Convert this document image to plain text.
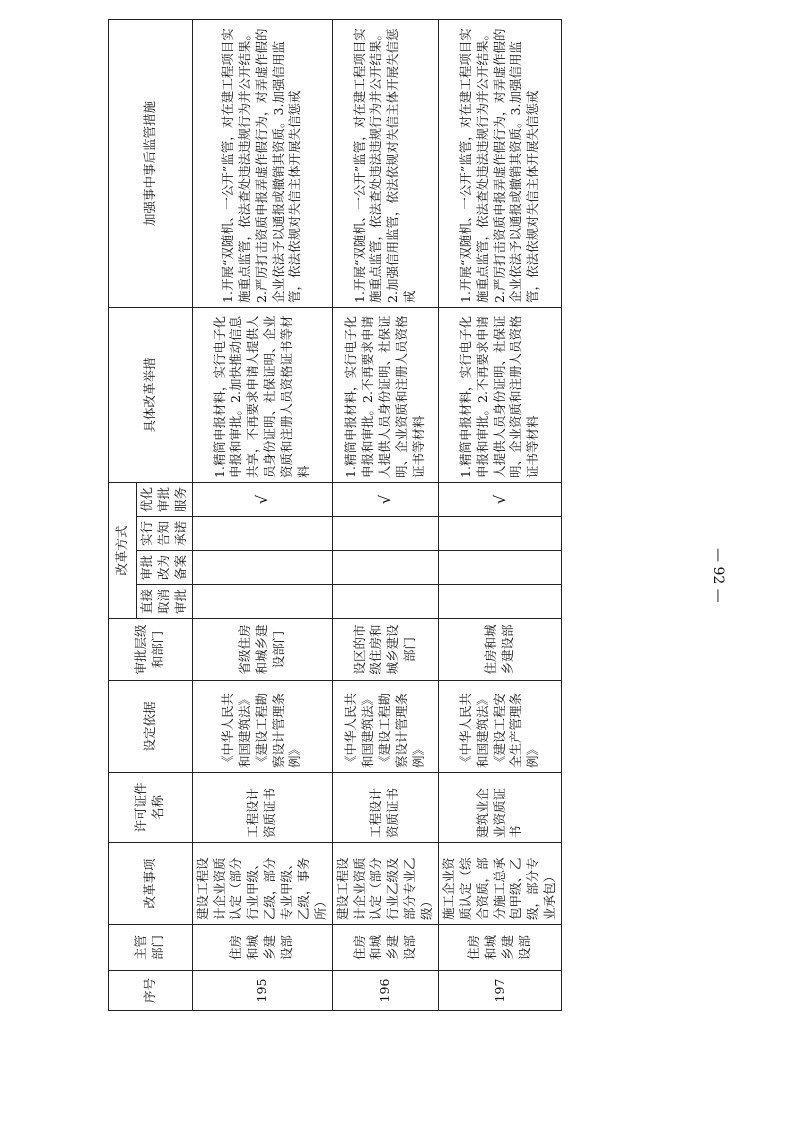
— 92 —
序号	主管部门	改革事项	许可证件名称	设定依据	审批层级和部门	改革方式				具体改革举措	加强事中事后监管措施
						直接取消审批	审批改为备案	实行告知承诺	优化审批服务		
195	住房和城乡建设部	建设工程设计企业资质认定（部分行业甲级、乙级，部分专业甲级、乙级，事务所）	工程设计资质证书	《中华人民共和国建筑法》《建设工程勘察设计管理条例》	省级住房和城乡建设部门				√	1.精简申报材料，实行电子化申报和审批。2.加快推动信息共享，不再要求申请人提供人员身份证明、社保证明、企业资质和注册人员资格证书等材料	1.开展“双随机、一公开”监管，对在建工程项目实施重点监管，依法查处违法违规行为并公开结果。2.严厉打击资质申报弄虚作假行为，对弄虚作假的企业依法予以通报或撤销其资质。3.加强信用监管，依法依规对失信主体开展失信惩戒
196	住房和城乡建设部	建设工程设计企业资质认定（部分行业乙级及部分专业乙级）	工程设计资质证书	《中华人民共和国建筑法》《建设工程勘察设计管理条例》	设区的市级住房和城乡建设部门				√	1.精简申报材料，实行电子化申报和审批。2.不再要求申请人提供人员身份证明、社保证明、企业资质和注册人员资格证书等材料	1.开展“双随机、一公开”监管，对在建工程项目实施重点监管，依法查处违法违规行为并公开结果。2.加强信用监管，依法依规对失信主体开展失信惩戒
197	住房和城乡建设部	施工企业资质认定（综合资质，部分施工总承包甲级、乙级，部分专业承包）	建筑业企业资质证书	《中华人民共和国建筑法》《建设工程安全生产管理条例》	住房和城乡建设部				√	1.精简申报材料，实行电子化申报和审批。2.不再要求申请人提供人员身份证明、社保证明、企业资质和注册人员资格证书等材料	1.开展“双随机、一公开”监管，对在建工程项目实施重点监管，依法查处违法违规行为并公开结果。2.严厉打击资质申报弄虚作假行为，对弄虚作假的企业依法予以通报或撤销其资质。3.加强信用监管，依法依规对失信主体开展失信惩戒
